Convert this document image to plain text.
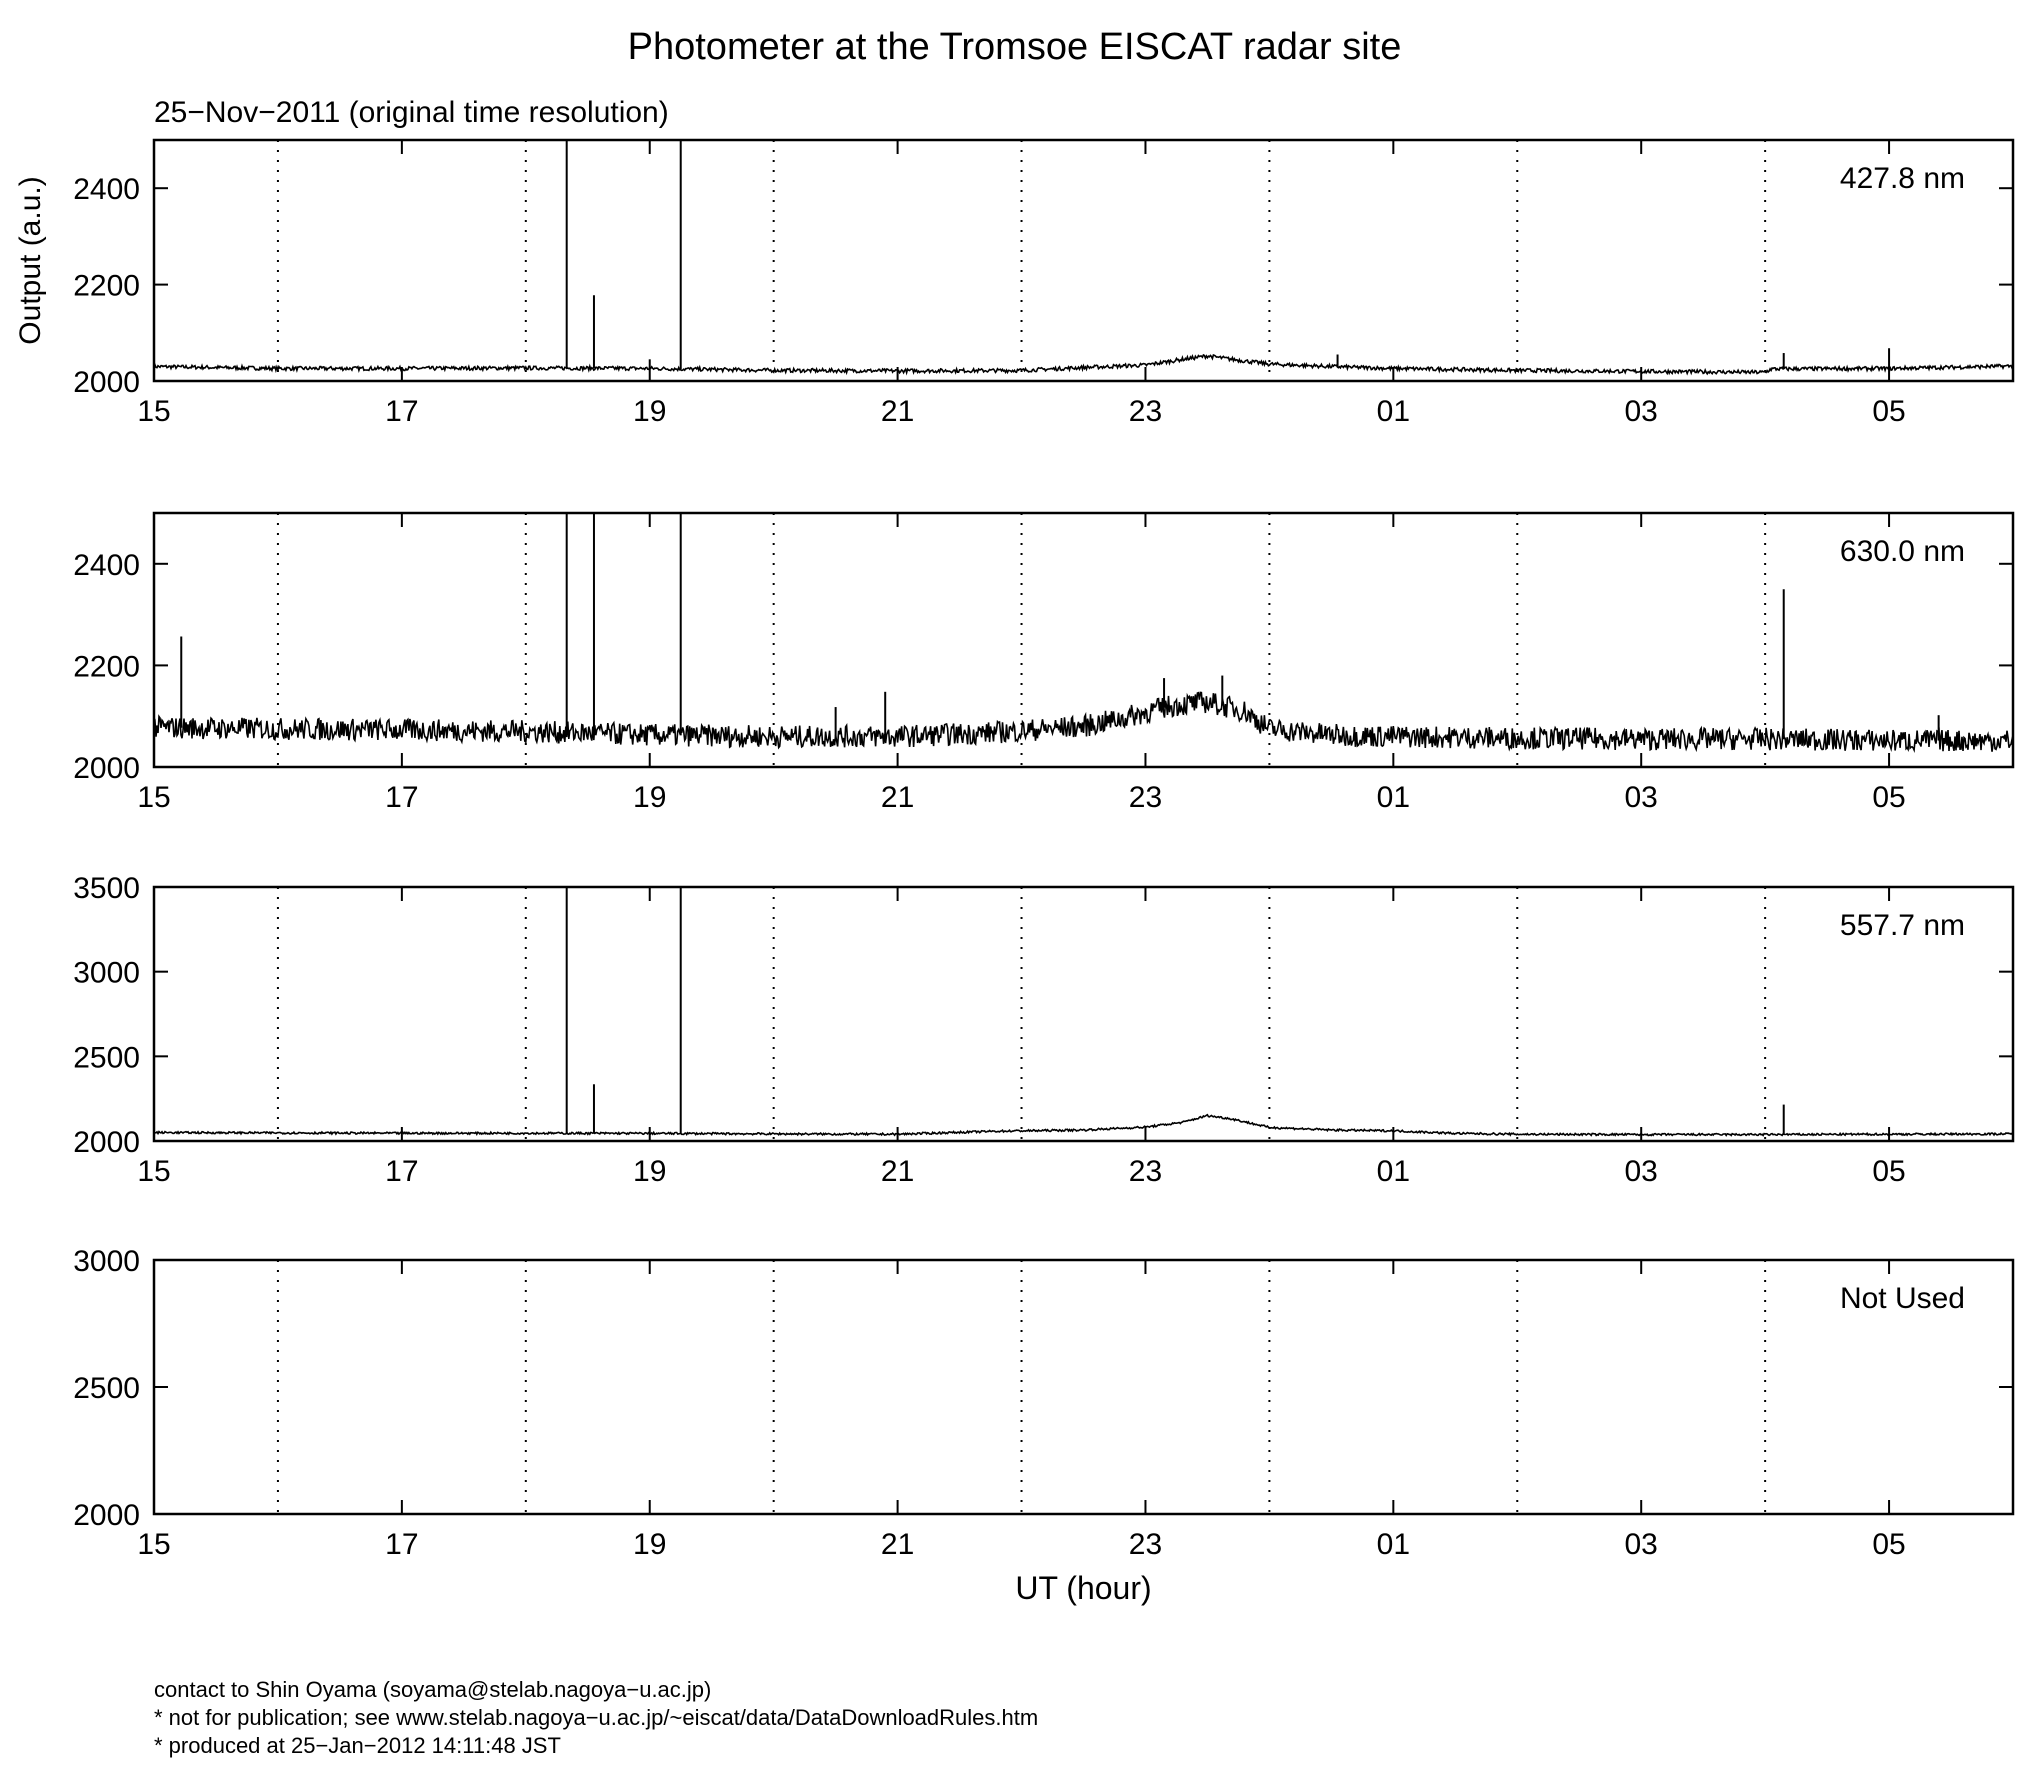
Photometer at the Tromsoe EISCAT radar site
25−Nov−2011 (original time resolution)
15	17	19	21	23	01	03	05
2000
2200
2400	427.8 nm
Output (a.u.)
15	17	19	21	23	01	03	05
2000
2200
2400	630.0 nm
15	17	19	21	23	01	03	05
2000
2500
3000
3500
557.7 nm
15	17	19	21	23	01	03	05
2000
2500
3000
Not Used
UT (hour)
contact to Shin Oyama (soyama@stelab.nagoya−u.ac.jp)
* not for publication; see www.stelab.nagoya−u.ac.jp/~eiscat/data/DataDownloadRules.htm
* produced at 25−Jan−2012 14:11:48 JST
